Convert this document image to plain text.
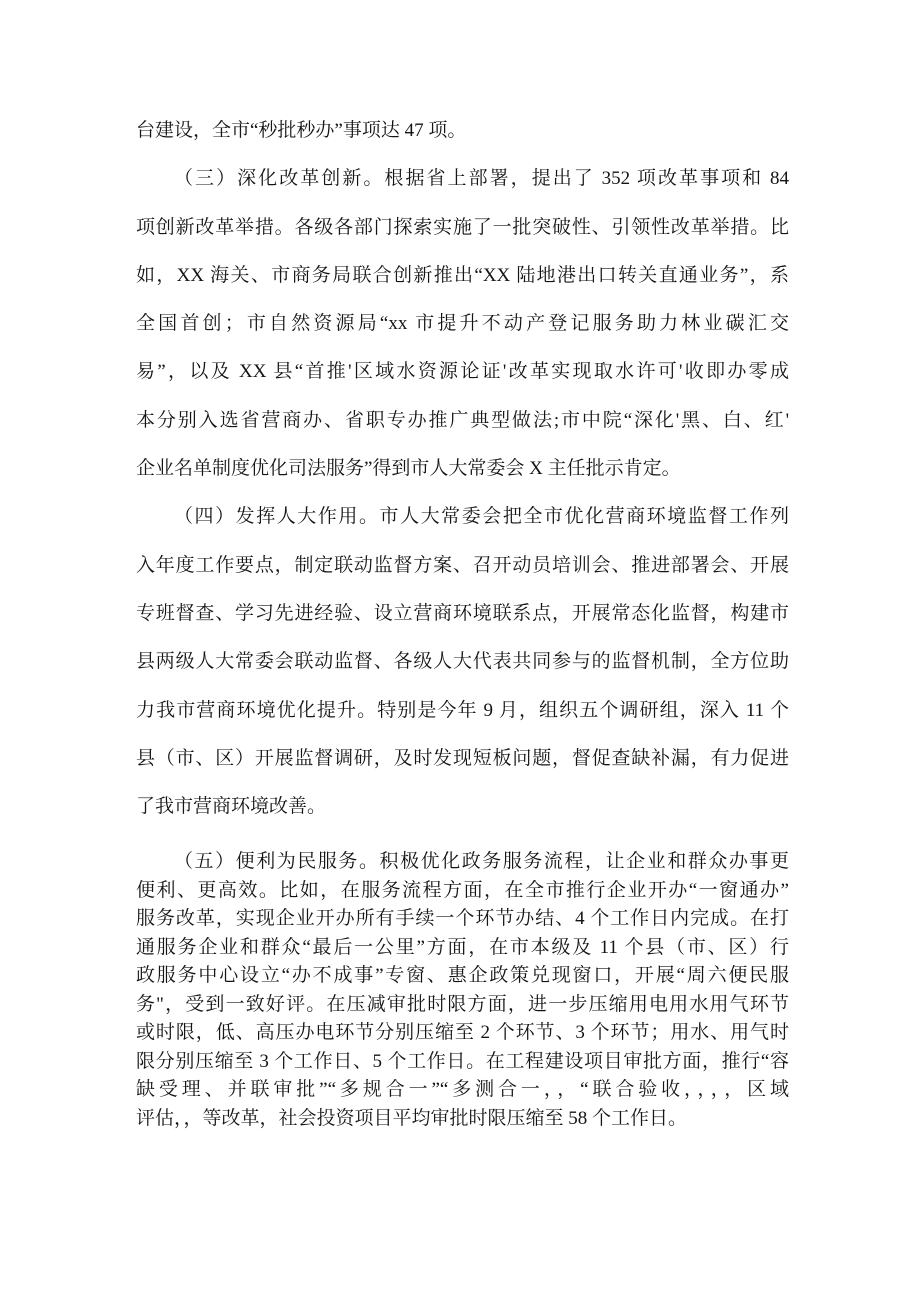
台建设，全市“秒批秒办”事项达 47 项。
（三）深化改革创新。根据省上部署，提出了 352 项改革事项和 84
项创新改革举措。各级各部门探索实施了一批突破性、引领性改革举措。比
如，XX 海关、市商务局联合创新推出“XX 陆地港出口转关直通业务”，系
全国首创；市自然资源局“xx 市提升不动产登记服务助力林业碳汇交
易”，以及 XX 县“首推'区域水资源论证'改革实现取水许可'收即办零成
本分别入选省营商办、省职专办推广典型做法;市中院“深化'黑、白、红'
企业名单制度优化司法服务”得到市人大常委会 X 主任批示肯定。
（四）发挥人大作用。市人大常委会把全市优化营商环境监督工作列
入年度工作要点，制定联动监督方案、召开动员培训会、推进部署会、开展
专班督查、学习先进经验、设立营商环境联系点，开展常态化监督，构建市
县两级人大常委会联动监督、各级人大代表共同参与的监督机制，全方位助
力我市营商环境优化提升。特别是今年 9 月，组织五个调研组，深入 11 个
县（市、区）开展监督调研，及时发现短板问题，督促查缺补漏，有力促进
了我市营商环境改善。
（五）便利为民服务。积极优化政务服务流程，让企业和群众办事更
便利、更高效。比如，在服务流程方面，在全市推行企业开办“一窗通办”
服务改革，实现企业开办所有手续一个环节办结、4 个工作日内完成。在打
通服务企业和群众“最后一公里”方面，在市本级及 11 个县（市、区）行
政服务中心设立“办不成事”专窗、惠企政策兑现窗口，开展“周六便民服
务"，受到一致好评。在压减审批时限方面，进一步压缩用电用水用气环节
或时限，低、高压办电环节分别压缩至 2 个环节、3 个环节；用水、用气时
限分别压缩至 3 个工作日、5 个工作日。在工程建设项目审批方面，推行“容
缺受理、并联审批”“多规合一”“多测合一，，“联合验收，，，，区域
评估，，等改革，社会投资项目平均审批时限压缩至 58 个工作日。
